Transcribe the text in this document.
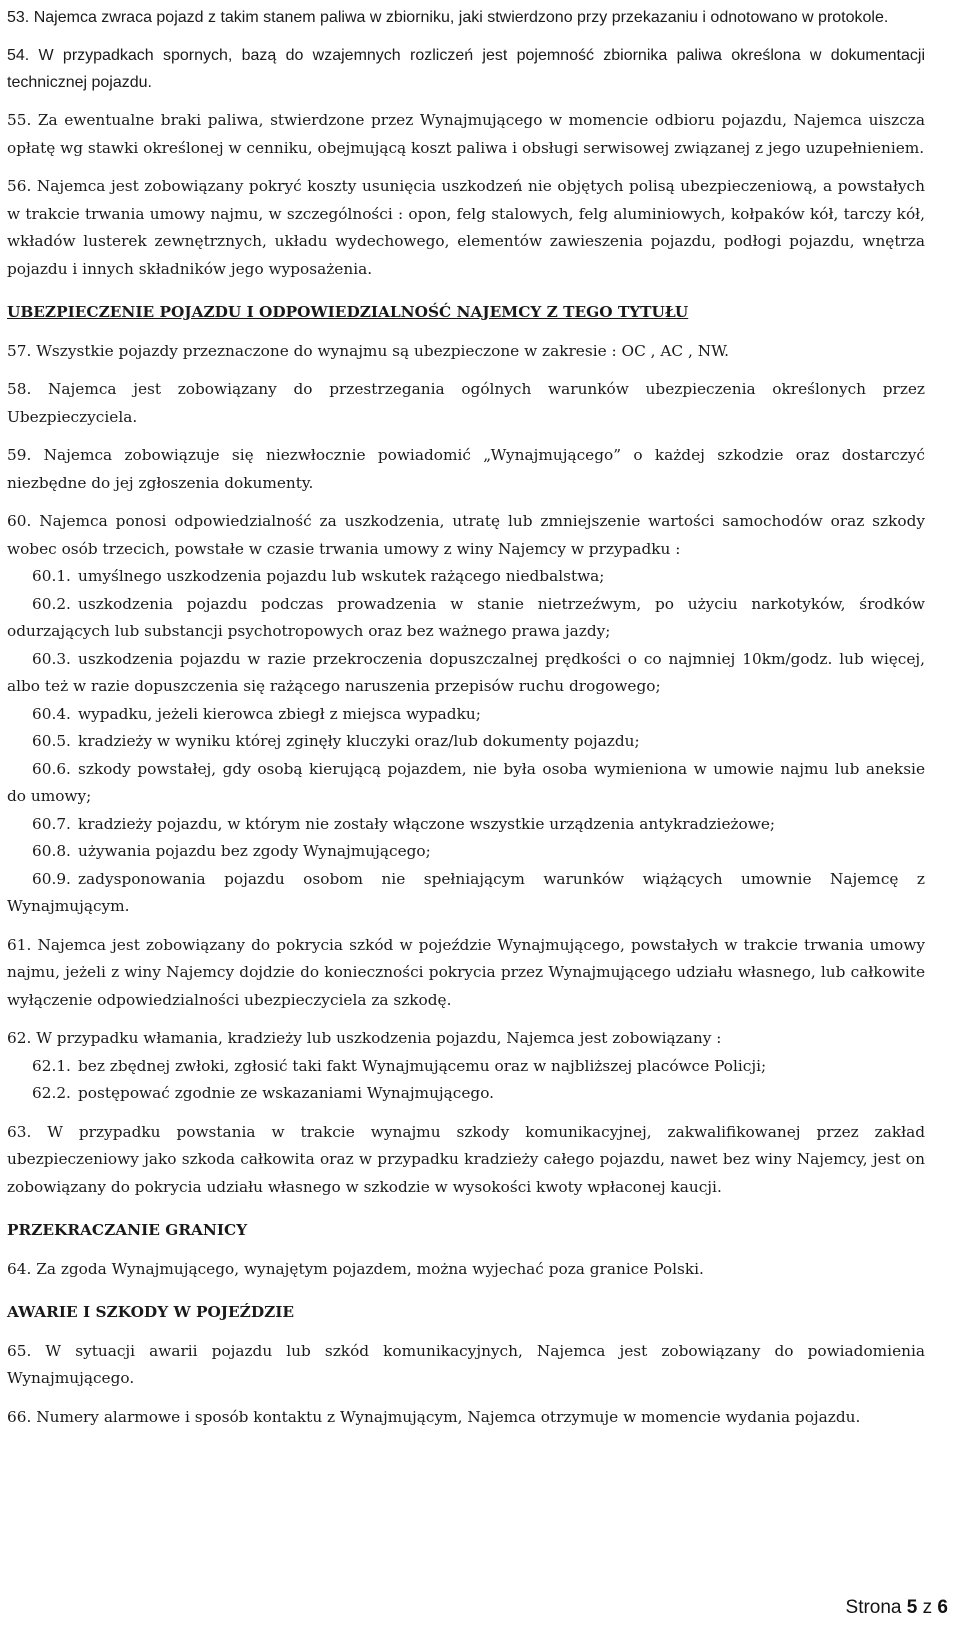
53. Najemca zwraca pojazd z takim stanem paliwa w zbiorniku, jaki stwierdzono przy przekazaniu i odnotowano w protokole.

54. W przypadkach spornych, bazą do wzajemnych rozliczeń jest pojemność zbiornika paliwa określona w dokumentacji technicznej pojazdu.

55. Za ewentualne braki paliwa, stwierdzone przez Wynajmującego w momencie odbioru pojazdu, Najemca uiszcza opłatę wg stawki określonej w cenniku, obejmującą koszt paliwa i obsługi serwisowej związanej z jego uzupełnieniem.

56. Najemca jest zobowiązany pokryć koszty usunięcia uszkodzeń nie objętych polisą ubezpieczeniową, a powstałych w trakcie trwania umowy najmu, w szczególności : opon, felg stalowych, felg aluminiowych, kołpaków kół, tarczy kół, wkładów lusterek zewnętrznych, układu wydechowego, elementów zawieszenia pojazdu, podłogi pojazdu, wnętrza pojazdu i innych składników jego wyposażenia.

UBEZPIECZENIE POJAZDU I ODPOWIEDZIALNOŚĆ NAJEMCY Z TEGO TYTUŁU

57. Wszystkie pojazdy przeznaczone do wynajmu są ubezpieczone w zakresie : OC , AC , NW.

58. Najemca jest zobowiązany do przestrzegania ogólnych warunków ubezpieczenia określonych przez Ubezpieczyciela.

59. Najemca zobowiązuje się niezwłocznie powiadomić „Wynajmującego” o każdej szkodzie oraz dostarczyć niezbędne do jej zgłoszenia dokumenty.

60. Najemca ponosi odpowiedzialność za uszkodzenia, utratę lub zmniejszenie wartości samochodów oraz szkody wobec osób trzecich, powstałe w czasie trwania umowy z winy Najemcy w przypadku :

60.1. umyślnego uszkodzenia pojazdu lub wskutek rażącego niedbalstwa;

60.2. uszkodzenia pojazdu podczas prowadzenia w stanie nietrzeźwym, po użyciu narkotyków, środków odurzających lub substancji psychotropowych oraz bez ważnego prawa jazdy;

60.3. uszkodzenia pojazdu w razie przekroczenia dopuszczalnej prędkości o co najmniej 10km/godz. lub więcej, albo też w razie dopuszczenia się rażącego naruszenia przepisów ruchu drogowego;

60.4. wypadku, jeżeli kierowca zbiegł z miejsca wypadku;

60.5. kradzieży w wyniku której zginęły kluczyki oraz/lub dokumenty pojazdu;

60.6. szkody powstałej, gdy osobą kierującą pojazdem, nie była osoba wymieniona w umowie najmu lub aneksie do umowy;

60.7. kradzieży pojazdu, w którym nie zostały włączone wszystkie urządzenia antykradzieżowe;

60.8. używania pojazdu bez zgody Wynajmującego;

60.9. zadysponowania pojazdu osobom nie spełniającym warunków wiążących umownie Najemcę z Wynajmującym.

61. Najemca jest zobowiązany do pokrycia szkód w pojeździe Wynajmującego, powstałych w trakcie trwania umowy najmu, jeżeli z winy Najemcy dojdzie do konieczności pokrycia przez Wynajmującego udziału własnego, lub całkowite wyłączenie odpowiedzialności ubezpieczyciela za szkodę.

62. W przypadku włamania, kradzieży lub uszkodzenia pojazdu, Najemca jest zobowiązany :

62.1. bez zbędnej zwłoki, zgłosić taki fakt Wynajmującemu oraz w najbliższej placówce Policji;

62.2. postępować zgodnie ze wskazaniami Wynajmującego.

63. W przypadku powstania w trakcie wynajmu szkody komunikacyjnej, zakwalifikowanej przez zakład ubezpieczeniowy jako szkoda całkowita oraz w przypadku kradzieży całego pojazdu, nawet bez winy Najemcy, jest on zobowiązany do pokrycia udziału własnego w szkodzie w wysokości kwoty wpłaconej kaucji.

PRZEKRACZANIE GRANICY

64. Za zgoda Wynajmującego, wynajętym pojazdem, można wyjechać poza granice Polski.

AWARIE I SZKODY W POJEŹDZIE

65. W sytuacji awarii pojazdu lub szkód komunikacyjnych, Najemca jest zobowiązany do powiadomienia Wynajmującego.

66. Numery alarmowe i sposób kontaktu z Wynajmującym, Najemca otrzymuje w momencie wydania pojazdu.

Strona 5 z 6
